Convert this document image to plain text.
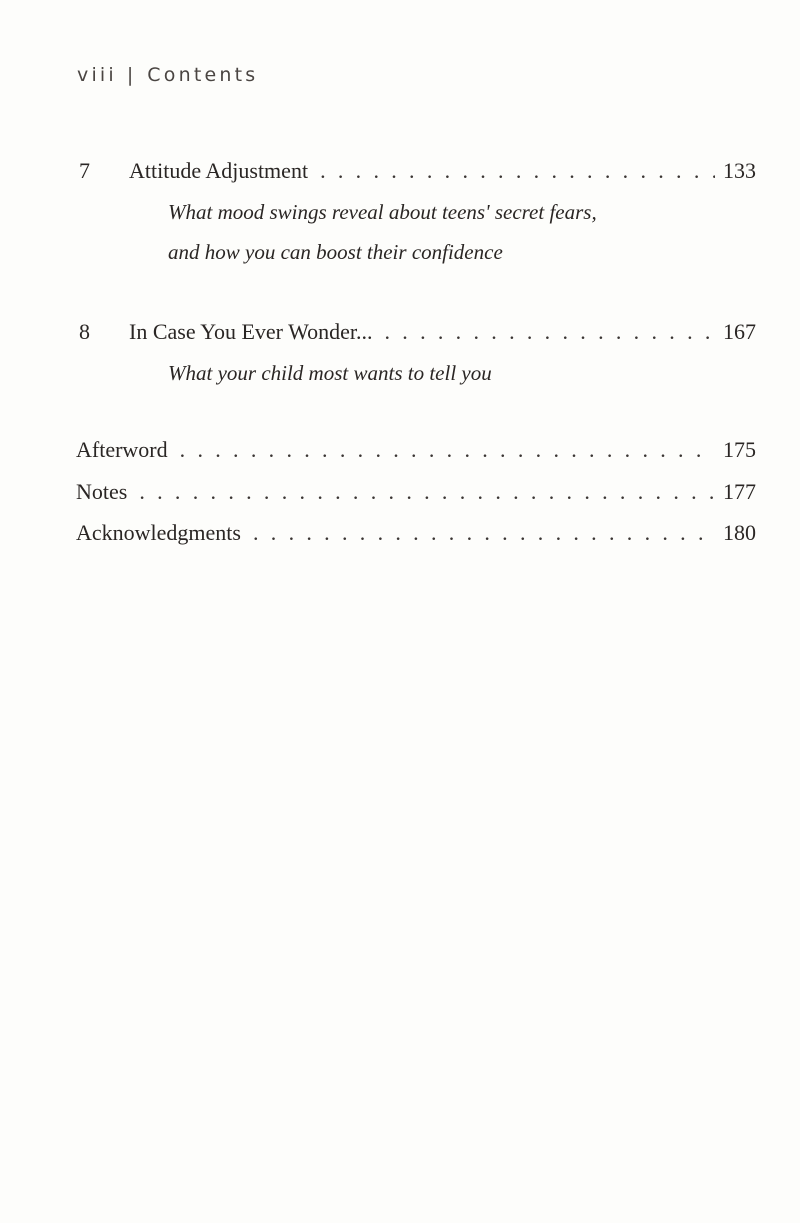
viii | Contents
7	Attitude Adjustment . . .	133
What mood swings reveal about teens' secret fears,
and how you can boost their confidence
8	In Case You Ever Wonder... . . .	167
What your child most wants to tell you
Afterword . . .	175
Notes . . .	177
Acknowledgments . . .	180
